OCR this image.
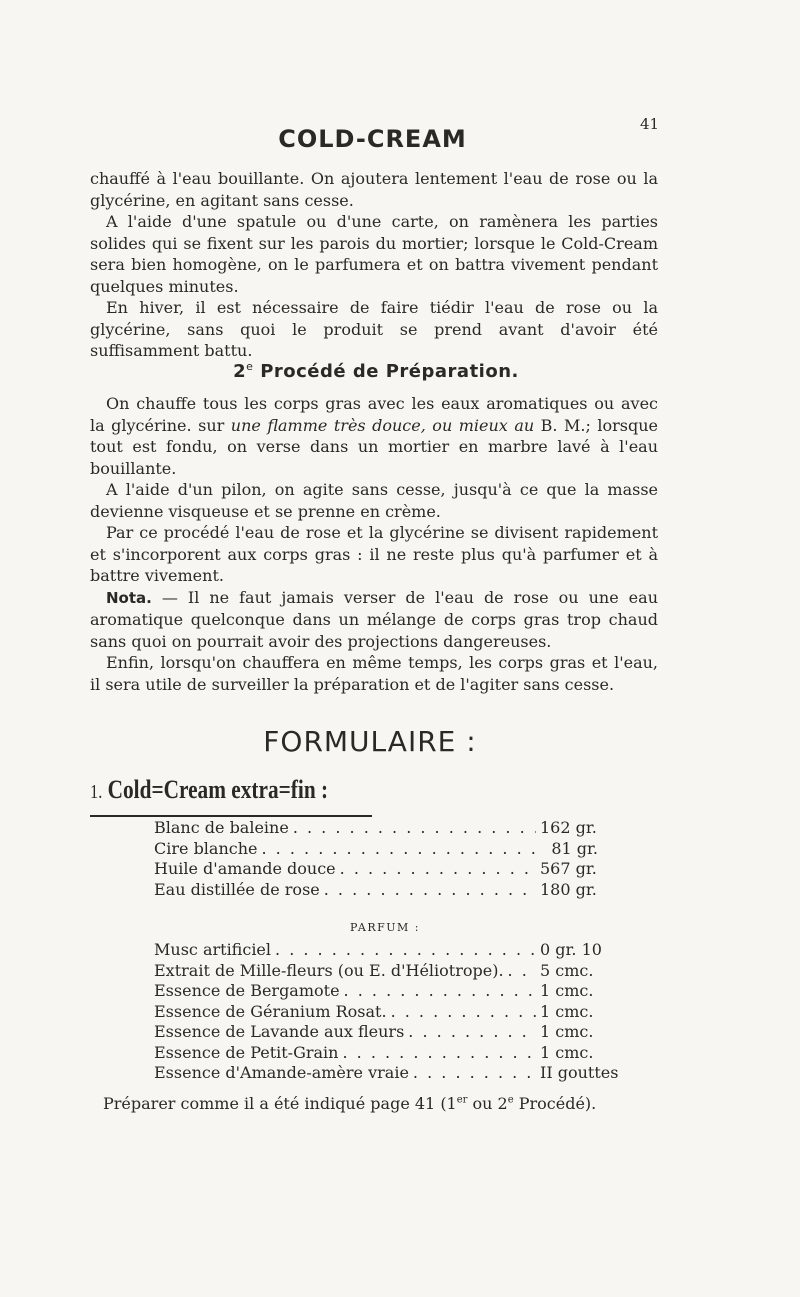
41
COLD-CREAM

chauffé à l'eau bouillante. On ajoutera lentement l'eau de rose ou la glycérine, en agitant sans cesse.

A l'aide d'une spatule ou d'une carte, on ramènera les parties solides qui se fixent sur les parois du mortier; lorsque le Cold-Cream sera bien homogène, on le parfumera et on battra vivement pendant quelques minutes.

En hiver, il est nécessaire de faire tiédir l'eau de rose ou la glycérine, sans quoi le produit se prend avant d'avoir été suffisamment battu.

2e Procédé de Préparation.

On chauffe tous les corps gras avec les eaux aromatiques ou avec la glycérine. sur une flamme très douce, ou mieux au B. M.; lorsque tout est fondu, on verse dans un mortier en marbre lavé à l'eau bouillante.

A l'aide d'un pilon, on agite sans cesse, jusqu'à ce que la masse devienne visqueuse et se prenne en crème.

Par ce procédé l'eau de rose et la glycérine se divisent rapidement et s'incorporent aux corps gras : il ne reste plus qu'à parfumer et à battre vivement.

Nota. — Il ne faut jamais verser de l'eau de rose ou une eau aromatique quelconque dans un mélange de corps gras trop chaud sans quoi on pourrait avoir des projections dangereuses.

Enfin, lorsqu'on chauffera en même temps, les corps gras et l'eau, il sera utile de surveiller la préparation et de l'agiter sans cesse.

FORMULAIRE :
1. Cold=Cream extra=fin :
Blanc de baleine . . .	162 gr.
Cire blanche . . .	81 gr.
Huile d'amande douce . . .	567 gr.
Eau distillée de rose . . .	180 gr.
PARFUM :
Musc artificiel . . .	0 gr. 10
Extrait de Mille-fleurs (ou E. d'Héliotrope). . . . 5 cmc.
Essence de Bergamote . . .	1 cmc.
Essence de Géranium Rosat. . . .	1 cmc.
Essence de Lavande aux fleurs . . .	1 cmc.
Essence de Petit-Grain . . .	1 cmc.
Essence d'Amande-amère vraie . . .	II gouttes
Préparer comme il a été indiqué page 41 (1er ou 2e Procédé).
